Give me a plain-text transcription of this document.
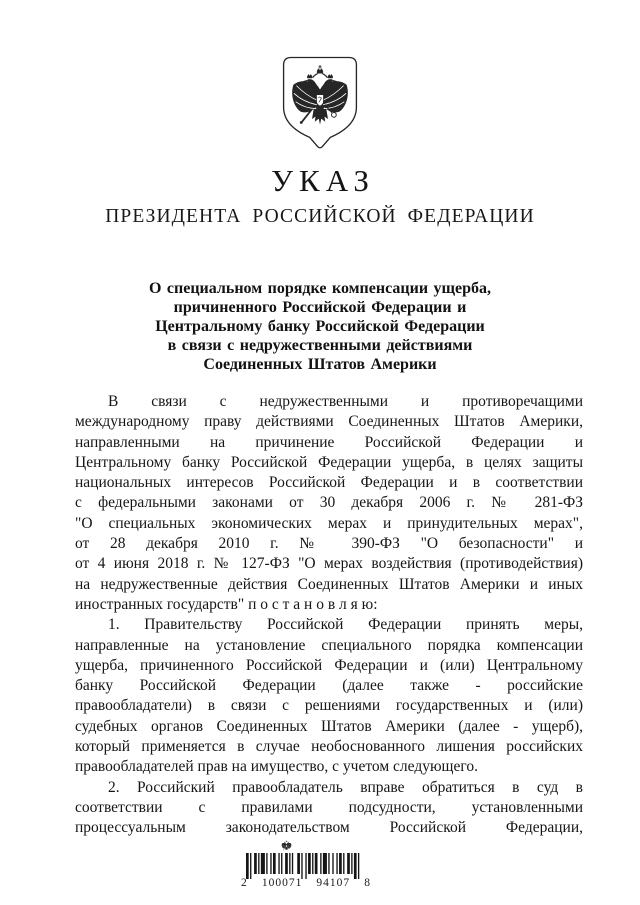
УКАЗ
ПРЕЗИДЕНТА РОССИЙСКОЙ ФЕДЕРАЦИИ
О специальном порядке компенсации ущерба,
причиненного Российской Федерации и
Центральному банку Российской Федерации
в связи с недружественными действиями
Соединенных Штатов Америки
В связи с недружественными и противоречащими
международному праву действиями Соединенных Штатов Америки,
направленными на причинение Российской Федерации и
Центральному банку Российской Федерации ущерба, в целях защиты
национальных интересов Российской Федерации и в соответствии
с федеральными законами от 30 декабря 2006 г. № 281-ФЗ
"О специальных экономических мерах и принудительных мерах",
от 28 декабря 2010 г. № 390-ФЗ "О безопасности" и
от 4 июня 2018 г. № 127-ФЗ "О мерах воздействия (противодействия)
на недружественные действия Соединенных Штатов Америки и иных
иностранных государств" п о с т а н о в л я ю:
1. Правительству Российской Федерации принять меры,
направленные на установление специального порядка компенсации
ущерба, причиненного Российской Федерации и (или) Центральному
банку Российской Федерации (далее также - российские
правообладатели) в связи с решениями государственных и (или)
судебных органов Соединенных Штатов Америки (далее - ущерб),
который применяется в случае необоснованного лишения российских
правообладателей прав на имущество, с учетом следующего.
2. Российский правообладатель вправе обратиться в суд в
соответствии с правилами подсудности, установленными
процессуальным законодательством Российской Федерации,
2 100071 94107 8
